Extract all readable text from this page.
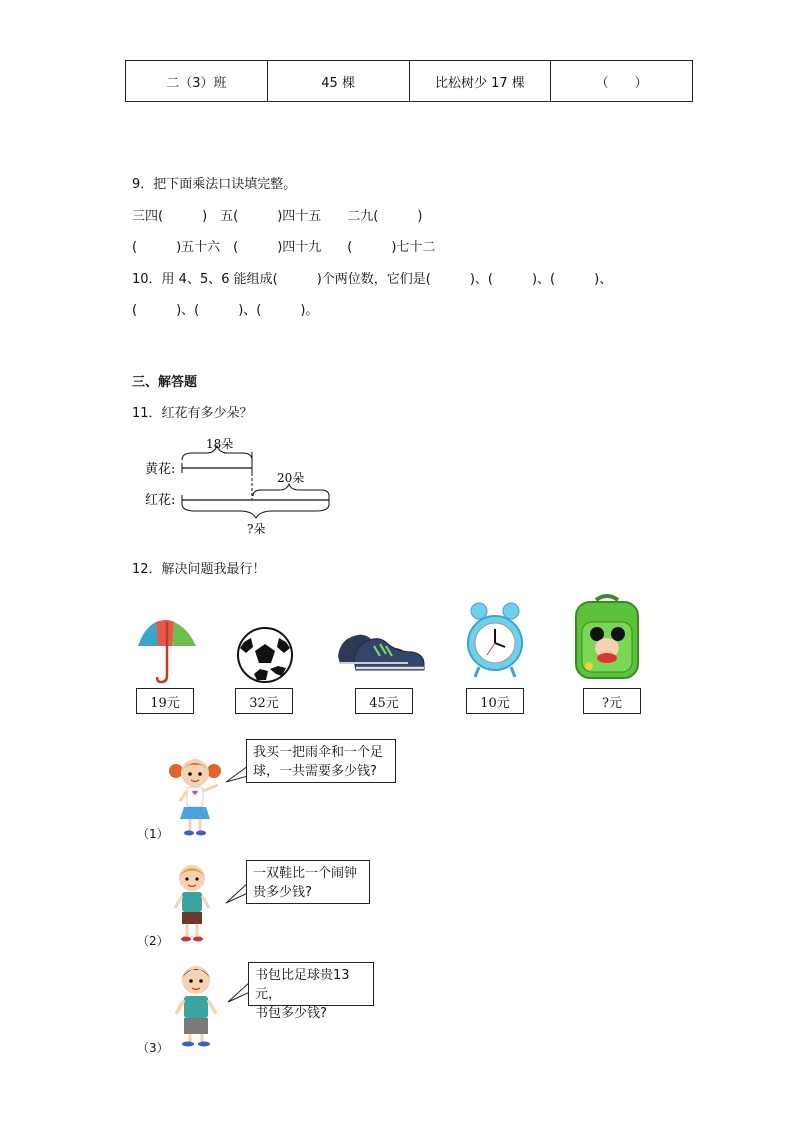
二（3）班	45 棵	比松树少 17 棵	（　　）
9．把下面乘法口诀填完整。
三四(　　　)　五(　　　)四十五　　二九(　　　)
(　　　)五十六　(　　　)四十九　　(　　　)七十二
10．用 4、5、6 能组成(　　　)个两位数，它们是(　　　)、(　　　)、(　　　)、
(　　　)、(　　　)、(　　　)。
三、解答题
11．红花有多少朵？
黄花:
红花:
18朵
20朵
?朵
12．解决问题我最行！
19元	32元	45元	10元	?元
我买一把雨伞和一个足
球，一共需要多少钱?
（1）
一双鞋比一个闹钟
贵多少钱?
（2）
书包比足球贵13元，
书包多少钱?
（3）
